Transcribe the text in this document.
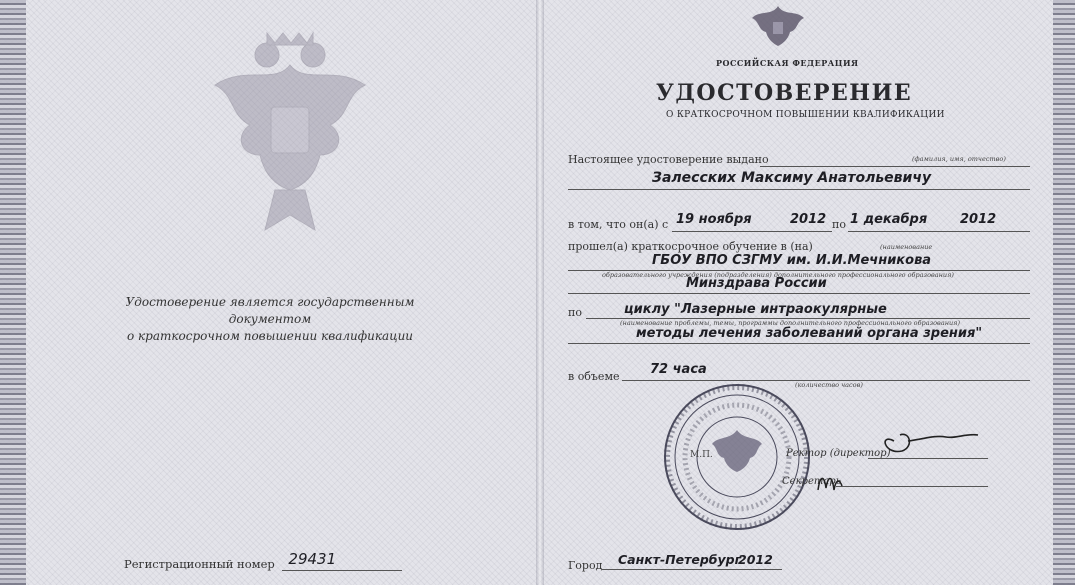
Удостоверение является государственным документом
о краткосрочном повышении квалификации
Регистрационный номер 29431
РОССИЙСКАЯ ФЕДЕРАЦИЯ
УДОСТОВЕРЕНИЕ
О КРАТКОСРОЧНОМ ПОВЫШЕНИИ КВАЛИФИКАЦИИ
Настоящее удостоверение выдано	(фамилия, имя, отчество)
Залесских Максиму Анатольевичу
в том, что он(а) с 19 ноября	2012 по 1 декабря	2012
прошел(а) краткосрочное обучение в (на)	(наименование
ГБОУ ВПО СЗГМУ им. И.И.Мечникова
образовательного учреждения (подразделения) дополнительного профессионального образования)
Минздрава России
по	циклу "Лазерные интраокулярные
(наименование проблемы, темы, программы дополнительного профессионального образования)
методы лечения заболеваний органа зрения"
в объеме 72 часа
(количество часов)
М.П.	Ректор (директор)
Секретарь
Город Санкт-Петербург
2012
